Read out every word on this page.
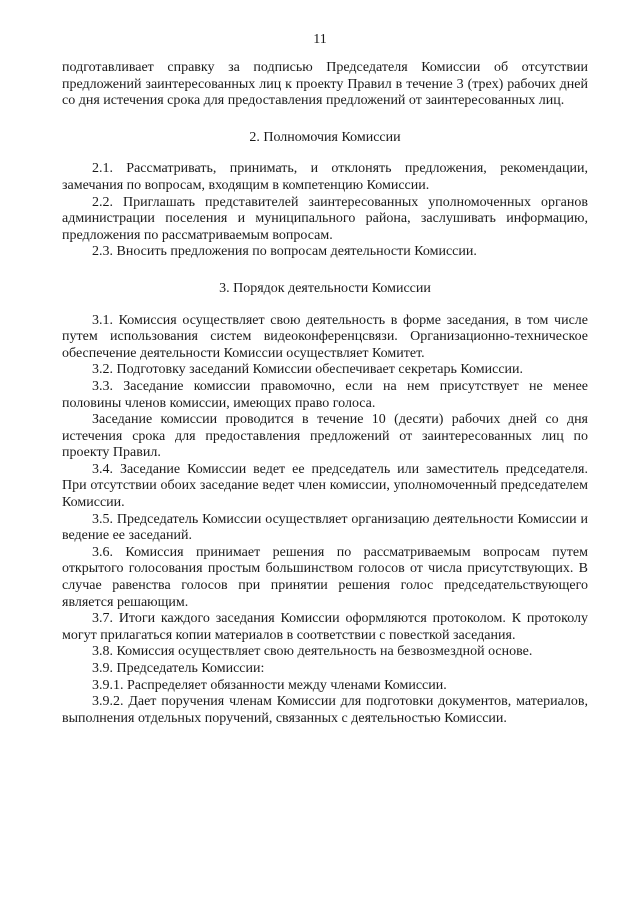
11

подготавливает справку за подписью Председателя Комиссии об отсутствии предложений заинтересованных лиц к проекту Правил в течение 3 (трех) рабочих дней со дня истечения срока для предоставления предложений от заинтересованных лиц.

2. Полномочия Комиссии

2.1. Рассматривать, принимать, и отклонять предложения, рекомендации, замечания по вопросам, входящим в компетенцию Комиссии.

2.2. Приглашать представителей заинтересованных уполномоченных органов администрации поселения и муниципального района, заслушивать информацию, предложения по рассматриваемым вопросам.

2.3. Вносить предложения по вопросам деятельности Комиссии.

3. Порядок деятельности Комиссии

3.1. Комиссия осуществляет свою деятельность в форме заседания, в том числе путем использования систем видеоконференцсвязи. Организационно-техническое обеспечение деятельности Комиссии осуществляет Комитет.

3.2. Подготовку заседаний Комиссии обеспечивает секретарь Комиссии.

3.3. Заседание комиссии правомочно, если на нем присутствует не менее половины членов комиссии, имеющих право голоса.

Заседание комиссии проводится в течение 10 (десяти) рабочих дней со дня истечения срока для предоставления предложений от заинтересованных лиц по проекту Правил.

3.4. Заседание Комиссии ведет ее председатель или заместитель председателя. При отсутствии обоих заседание ведет член комиссии, уполномоченный председателем Комиссии.

3.5. Председатель Комиссии осуществляет организацию деятельности Комиссии и ведение ее заседаний.

3.6. Комиссия принимает решения по рассматриваемым вопросам путем открытого голосования простым большинством голосов от числа присутствующих. В случае равенства голосов при принятии решения голос председательствующего является решающим.

3.7. Итоги каждого заседания Комиссии оформляются протоколом. К протоколу могут прилагаться копии материалов в соответствии с повесткой заседания.

3.8. Комиссия осуществляет свою деятельность на безвозмездной основе.

3.9. Председатель Комиссии:

3.9.1. Распределяет обязанности между членами Комиссии.

3.9.2. Дает поручения членам Комиссии для подготовки документов, материалов, выполнения отдельных поручений, связанных с деятельностью Комиссии.
